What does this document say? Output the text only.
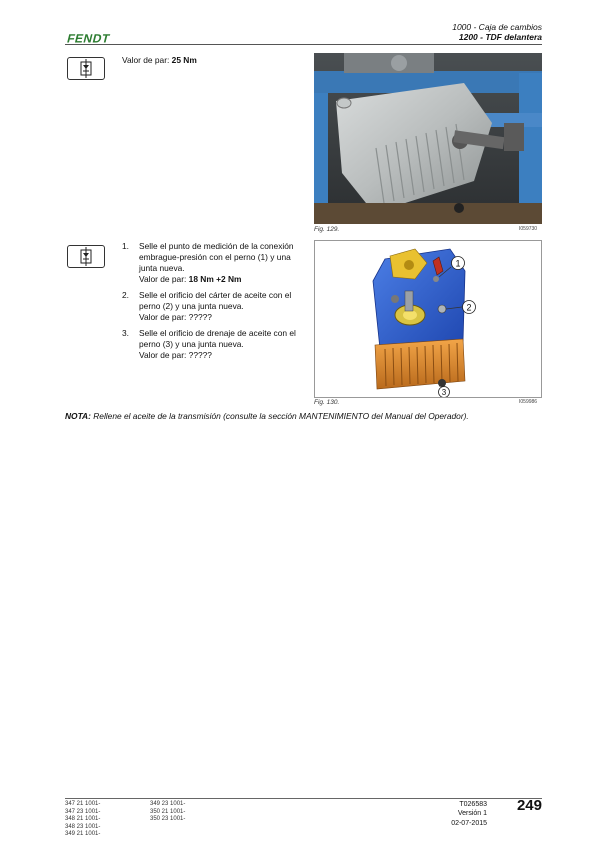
FENDT
1000 - Caja de cambios
1200 - TDF delantera
Valor de par: 25 Nm
Fig. 129.	I059730
1. Selle el punto de medición de la conexión embrague-presión con el perno (1) y una junta nueva.
Valor de par: 18 Nm +2 Nm
2. Selle el orificio del cárter de aceite con el perno (2) y una junta nueva.
Valor de par: ?????
3. Selle el orificio de drenaje de aceite con el perno (3) y una junta nueva.
Valor de par: ?????
1
2
3
Fig. 130.	I059986
NOTA: Rellene el aceite de la transmisión (consulte la sección MANTENIMIENTO del Manual del Operador).
347 21 1001-
347 23 1001-
348 21 1001-
348 23 1001-
349 21 1001-
349 23 1001-
350 21 1001-
350 23 1001-
T026583
Versión 1
02-07-2015
249
